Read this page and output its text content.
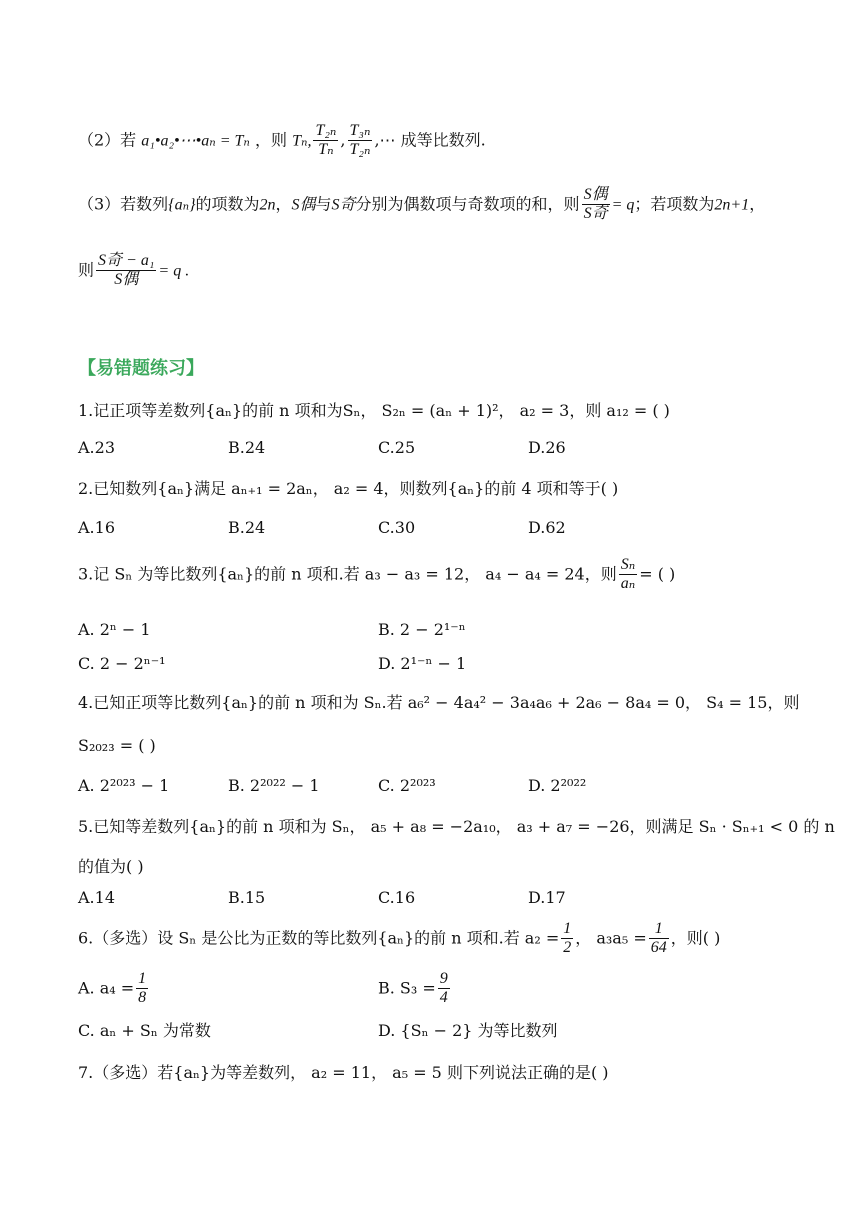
（2）若 a₁•a₂•⋯•aₙ = Tₙ ，则 Tₙ, $\frac{\text{T₂ₙ}}{\text{Tₙ}}$ , $\frac{\text{T₃ₙ}}{\text{T₂ₙ}}$ ,⋯ 成等比数列.
（3）若数列{aₙ}的项数为2n，S偶与S奇分别为偶数项与奇数项的和，则 $\frac{\text{S偶}}{\text{S奇}} = q$；若项数为2n+1，
则 $\frac{\text{S奇 − a₁}}{\text{S偶}} = q$ .
【易错题练习】
1.记正项等差数列{aₙ}的前 n 项和为Sₙ， S₂ₙ = (aₙ + 1)²， a₂ = 3，则 a₁₂ = ( )
A.23	B.24	C.25	D.26
2.已知数列{aₙ}满足 aₙ₊₁ = 2aₙ， a₂ = 4，则数列{aₙ}的前 4 项和等于( )
A.16	B.24	C.30	D.62
3.记 Sₙ 为等比数列{aₙ}的前 n 项和.若 a₃ − a₃ = 12， a₄ − a₄ = 24，则 $\frac{\text{Sₙ}}{\text{aₙ}}$ = ( )
A. 2ⁿ − 1	B. 2 − 2¹⁻ⁿ
C. 2 − 2ⁿ⁻¹	D. 2¹⁻ⁿ − 1
4.已知正项等比数列{aₙ}的前 n 项和为 Sₙ.若 a₆² − 4a₄² − 3a₄a₆ + 2a₆ − 8a₄ = 0， S₄ = 15，则
S₂₀₂₃ = ( )
A. 2²⁰²³ − 1	B. 2²⁰²² − 1	C. 2²⁰²³	D. 2²⁰²²
5.已知等差数列{aₙ}的前 n 项和为 Sₙ， a₅ + a₈ = −2a₁₀， a₃ + a₇ = −26，则满足 Sₙ · Sₙ₊₁ < 0 的 n
的值为( )
A.14	B.15	C.16	D.17
6.（多选）设 Sₙ 是公比为正数的等比数列{aₙ}的前 n 项和.若 $a_2 = \frac{1}{2}$ ， $a_3a_5 = \frac{1}{64}$ ，则( )
A. $a_4 = \frac{1}{8}$	B. $S_3 = \frac{9}{4}$
C. aₙ + Sₙ 为常数	D. {Sₙ − 2} 为等比数列
7.（多选）若{aₙ}为等差数列， a₂ = 11， a₅ = 5 则下列说法正确的是( )
